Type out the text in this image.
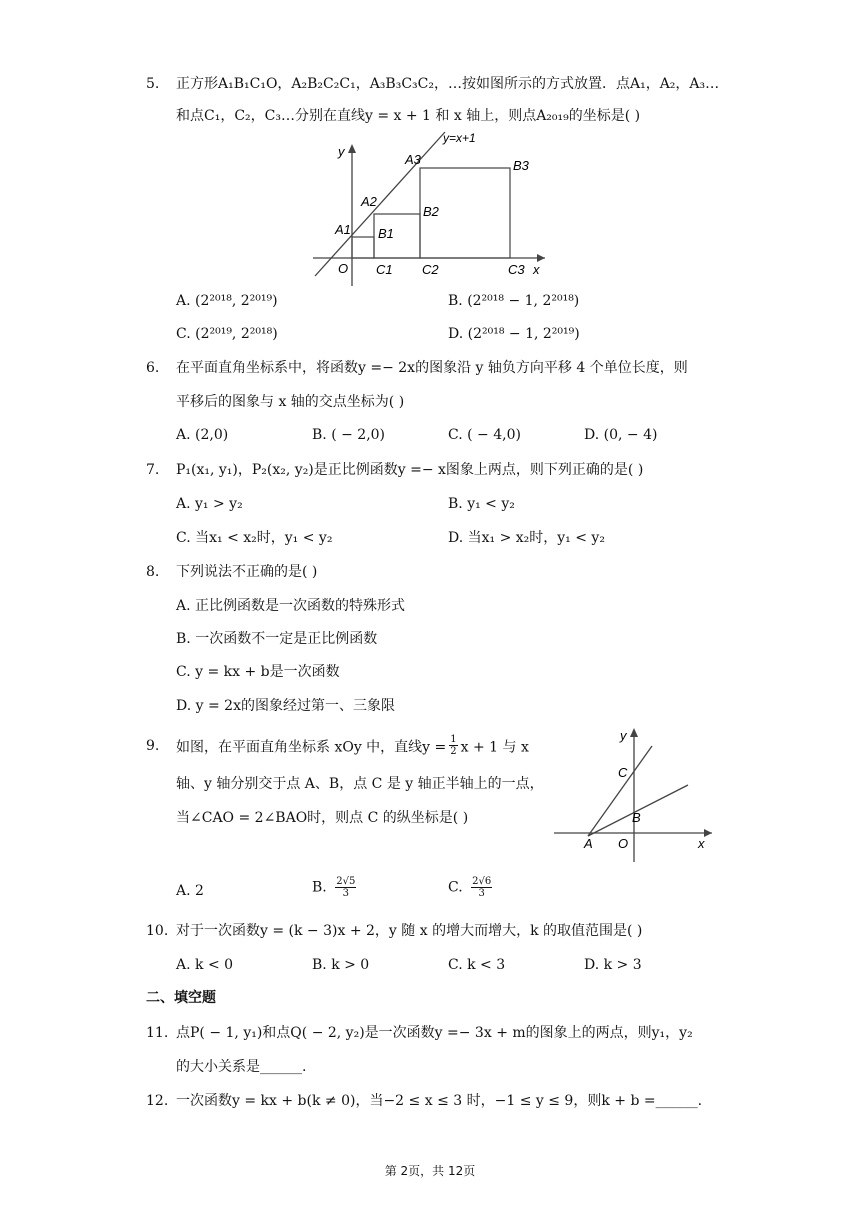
5. 正方形A₁B₁C₁O，A₂B₂C₂C₁，A₃B₃C₃C₂，…按如图所示的方式放置．点A₁，A₂，A₃…
和点C₁，C₂，C₃…分别在直线y = x + 1 和 x 轴上，则点A₂₀₁₉的坐标是( )
y=x+1
y
A3	B3
A2
B2
A1 B1
O C1 C2	C3 x
A. (2²⁰¹⁸, 2²⁰¹⁹)	B. (2²⁰¹⁸ − 1, 2²⁰¹⁸)
C. (2²⁰¹⁹, 2²⁰¹⁸)	D. (2²⁰¹⁸ − 1, 2²⁰¹⁹)
6. 在平面直角坐标系中，将函数y =− 2x的图象沿 y 轴负方向平移 4 个单位长度，则
平移后的图象与 x 轴的交点坐标为( )
A. (2,0)	B. ( − 2,0)	C. ( − 4,0)	D. (0, − 4)
7. P₁(x₁, y₁)，P₂(x₂, y₂)是正比例函数y =− x图象上两点，则下列正确的是( )
A. y₁ > y₂	B. y₁ < y₂
C. 当x₁ < x₂时，y₁ < y₂	D. 当x₁ > x₂时，y₁ < y₂
8. 下列说法不正确的是( )
A. 正比例函数是一次函数的特殊形式
B. 一次函数不一定是正比例函数
C. y = kx + b是一次函数
D. y = 2x的图象经过第一、三象限
9. 如图，在平面直角坐标系 xOy 中，直线$y = \frac{1}{2}$ x + 1 与 x
轴、y 轴分别交于点 A、B，点 C 是 y 轴正半轴上的一点，
当∠CAO = 2∠BAO时，则点 C 的纵坐标是( )
y
C
B
A O	x
A. 2	B. $\frac{2√5}{3}$	C. $\frac{2√6}{3}$
10. 对于一次函数y = (k − 3)x + 2，y 随 x 的增大而增大，k 的取值范围是( )
A. k < 0	B. k > 0	C. k < 3	D. k > 3
二、填空题
11. 点P( − 1, y₁)和点Q( − 2, y₂)是一次函数y =− 3x + m的图象上的两点，则y₁，y₂
的大小关系是______.
12. 一次函数y = kx + b(k ≠ 0)，当−2 ≤ x ≤ 3 时，−1 ≤ y ≤ 9，则k + b =______.
第 2页，共 12页
